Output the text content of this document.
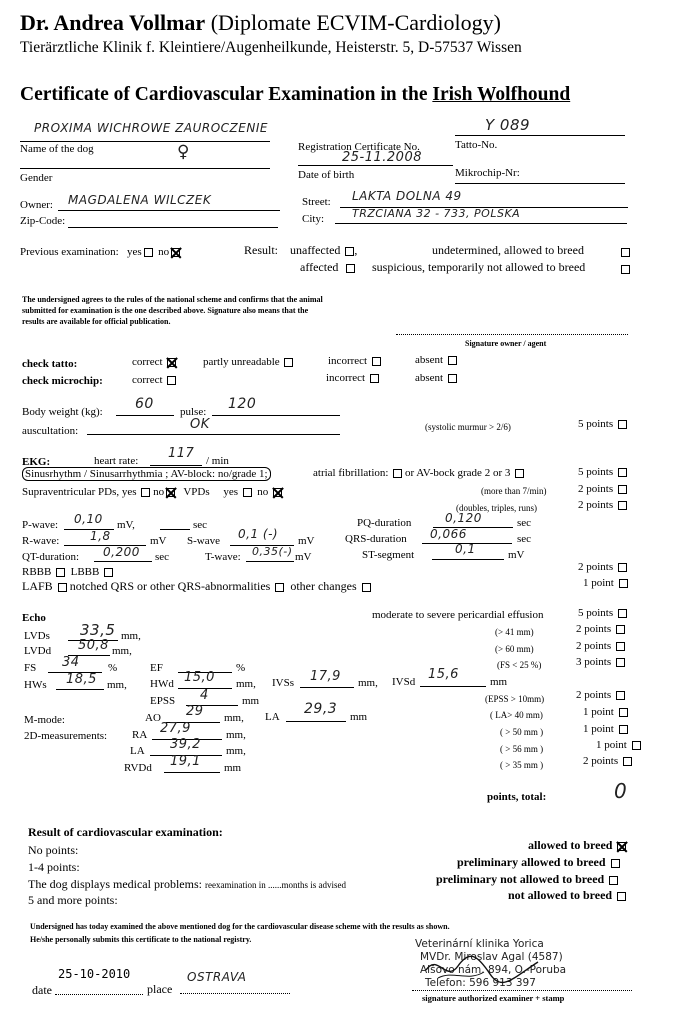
Dr. Andrea Vollmar (Diplomate ECVIM-Cardiology)
Tierärztliche Klinik f. Kleintiere/Augenheilkunde, Heisterstr. 5, D-57537 Wissen
Certificate of Cardiovascular Examination in the Irish Wolfhound
PROXIMA WICHROWE ZAUROCZENIE	Y 089
Name of the dog	Registration Certificate No.	Tatto-No.
♀	25-11.2008
Gender	Date of birth	Mikrochip-Nr:
Owner: MAGDALENA WILCZEK	Street: LAKTA DOLNA 49
Zip-Code:	City:	TRZCIANA 32 - 733, POLSKA
Previous examination: yes no	Result: unaffected ,	undetermined, allowed to breed
affected	suspicious, temporarily not allowed to breed
The undersigned agrees to the rules of the national scheme and confirms that the animal
submitted for examination is the one described above. Signature also means that the
results are available for official publication.
Signature owner / agent
check tatto:	correct	partly unreadable	incorrect	absent
check microchip:	correct	incorrect	absent
Body weight (kg): 60 pulse: 120
auscultation:	OK	(systolic murmur > 2/6)	5 points
EKG:	heart rate: 117 / min
Sinusrhythm / Sinusarrhythmia ; AV-block: no/grade 1;	atrial fibrillation: or AV-bock grade 2 or 3	5 points
Supraventricular PDs, yes no VPDs yes no	(more than 7/min)	2 points
(doubles, triples, runs)	2 points
P-wave: 0,10 mV,	sec	PQ-duration	0,120	sec
R-wave:	1,8	mV S-wave 0,1 (-) mV	QRS-duration 0,066	sec
QT-duration: 0,200 sec	T-wave: 0,35(-) mV	ST-segment	0,1	mV
RBBB LBBB	2 points
LAFB notched QRS or other QRS-abnormalities other changes	1 point
Echo	moderate to severe pericardial effusion	5 points
LVDs 33,5 mm,	(> 41 mm)	2 points
LVDd 50,8 mm,	(> 60 mm)	2 points
FS 34	%	EF	%	(FS < 25 %)	3 points
HWs 18,5 mm, HWd 15,0 mm, IVSs 17,9 mm, IVSd 15,6	mm
EPSS 4	mm	(EPSS > 10mm)	2 points
M-mode:	AO 29 mm, LA 29,3 mm	( LA> 40 mm)	1 point
2D-measurements: RA 27,9	mm,	( > 50 mm )	1 point
LA 39,2 mm,	( > 56 mm )	1 point
RVDd 19,1 mm	( > 35 mm )	2 points
points, total:	0
Result of cardiovascular examination:
No points:
1-4 points:
The dog displays medical problems: reexamination in ......months is advised
5 and more points:
allowed to breed
preliminary allowed to breed
preliminary not allowed to breed
not allowed to breed
Undersigned has today examined the above mentioned dog for the cardiovascular disease scheme with the results as shown.
He/she personally submits this certificate to the national registry.
date
25-10-2010
place
OSTRAVA
Veterinární klinika Yorica
MVDr. Miroslav Agal (4587)
Alšovo nám. 894, O.-Poruba
Telefon: 596 913 397
signature authorized examiner + stamp
